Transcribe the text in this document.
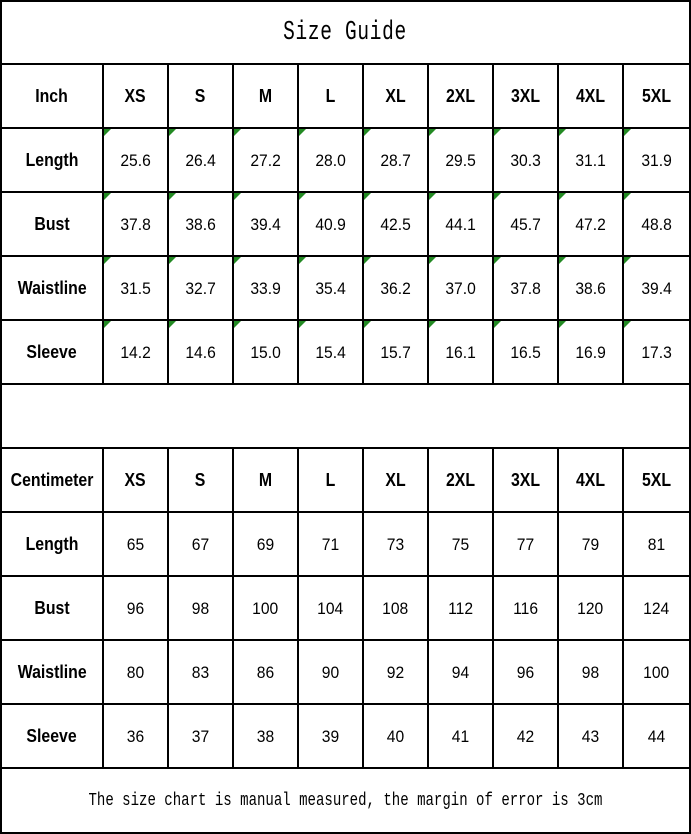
Size Guide
Inch	XS	S	M	L	XL 2XL 3XL 4XL 5XL
Length 25.6 26.4 27.2 28.0 28.7 29.5 30.3 31.1 31.9
Bust	37.8 38.6 39.4 40.9 42.5 44.1 45.7 47.2 48.8
Waistline 31.5 32.7 33.9 35.4 36.2 37.0 37.8 38.6 39.4
Sleeve	14.2 14.6 15.0 15.4 15.7 16.1 16.5 16.9 17.3
Centimeter XS	S	M	L	XL 2XL 3XL 4XL 5XL
Length	65	67	69	71	73	75	77	79	81
Bust	96	98	100 104 108 112 116 120 124
Waistline 80	83	86	90	92	94	96	98	100
Sleeve	36	37	38	39	40	41	42	43	44
The size chart is manual measured, the margin of error is 3cm
